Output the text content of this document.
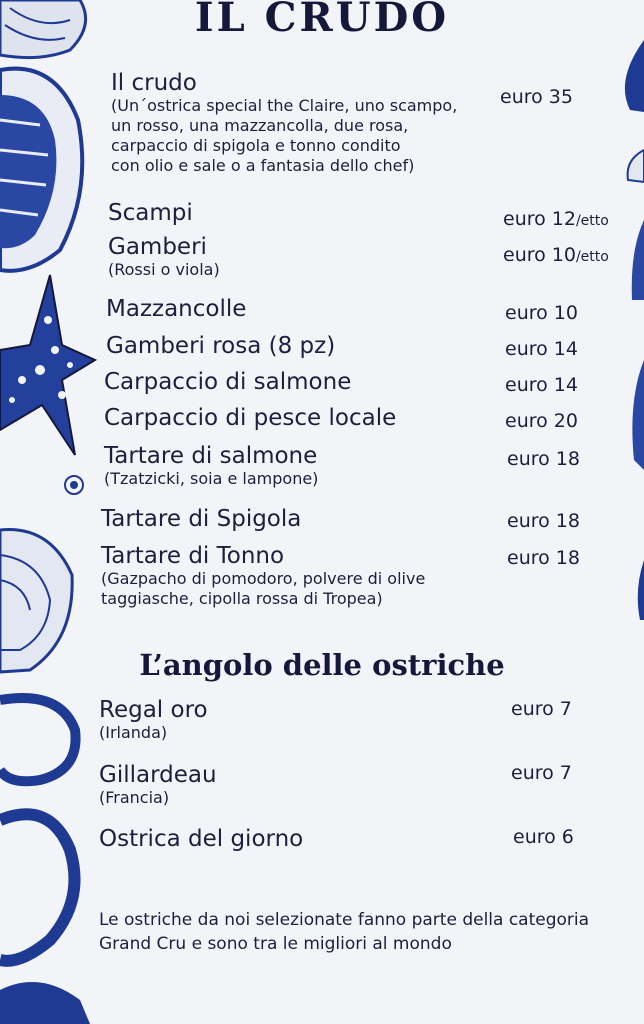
IL CRUDO
Il crudo
(Un´ostrica special the Claire, uno scampo,
un rosso, una mazzancolla, due rosa,
carpaccio di spigola e tonno condito
con olio e sale o a fantasia dello chef)
euro 35
Scampi	euro 12/etto
Gamberi
(Rossi o viola)
euro 10/etto
Mazzancolle	euro 10
Gamberi rosa (8 pz)	euro 14
Carpaccio di salmone	euro 14
Carpaccio di pesce locale	euro 20
Tartare di salmone
(Tzatzicki, soia e lampone)
euro 18
Tartare di Spigola	euro 18
Tartare di Tonno
(Gazpacho di pomodoro, polvere di olive
taggiasche, cipolla rossa di Tropea)
euro 18
L’angolo delle ostriche
Regal oro
(Irlanda)
euro 7
Gillardeau
(Francia)
euro 7
Ostrica del giorno	euro 6
Le ostriche da noi selezionate fanno parte della categoria
Grand Cru e sono tra le migliori al mondo
